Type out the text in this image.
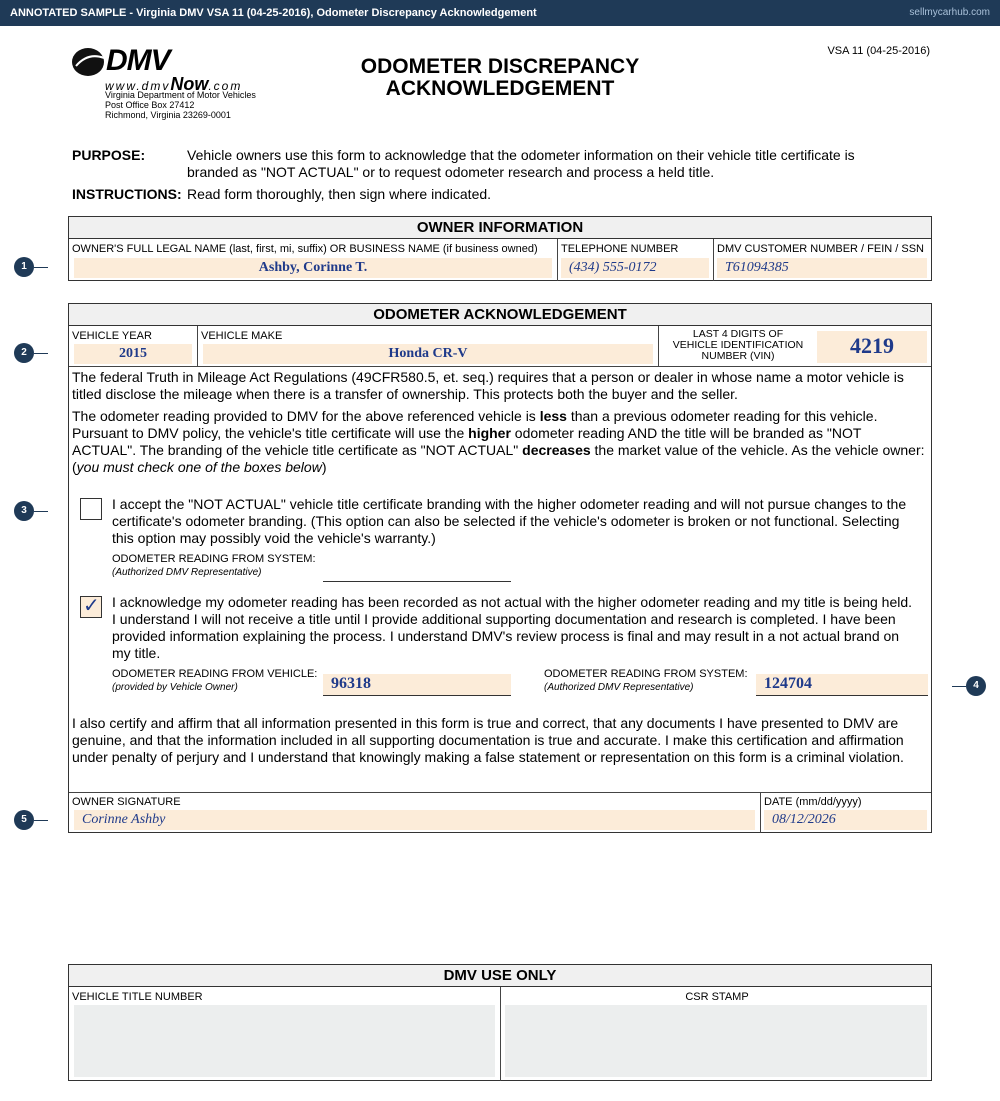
ANNOTATED SAMPLE - Virginia DMV VSA 11 (04-25-2016), Odometer Discrepancy Acknowledgement	sellmycarhub.com
DMV
www.dmvNow.com
Virginia Department of Motor Vehicles
Post Office Box 27412
Richmond, Virginia 23269-0001
VSA 11 (04-25-2016)
ODOMETER DISCREPANCY
ACKNOWLEDGEMENT
PURPOSE:	Vehicle owners use this form to acknowledge that the odometer information on their vehicle title certificate is branded as "NOT ACTUAL" or to request odometer research and process a held title.
INSTRUCTIONS: Read form thoroughly, then sign where indicated.
OWNER INFORMATION
OWNER'S FULL LEGAL NAME (last, first, mi, suffix) OR BUSINESS NAME (if business owned)
Ashby, Corinne T.
TELEPHONE NUMBER
(434) 555-0172
DMV CUSTOMER NUMBER / FEIN / SSN
T61094385
ODOMETER ACKNOWLEDGEMENT
VEHICLE YEAR
2015
VEHICLE MAKE
Honda CR-V
LAST 4 DIGITS OF
VEHICLE IDENTIFICATION
NUMBER (VIN)	4219
The federal Truth in Mileage Act Regulations (49CFR580.5, et. seq.) requires that a person or dealer in whose name a motor vehicle is titled disclose the mileage when there is a transfer of ownership. This protects both the buyer and the seller.
The odometer reading provided to DMV for the above referenced vehicle is less than a previous odometer reading for this vehicle. Pursuant to DMV policy, the vehicle's title certificate will use the higher odometer reading AND the title will be branded as "NOT ACTUAL". The branding of the vehicle title certificate as "NOT ACTUAL" decreases the market value of the vehicle. As the vehicle owner: (you must check one of the boxes below)
I accept the "NOT ACTUAL" vehicle title certificate branding with the higher odometer reading and will not pursue changes to the certificate's odometer branding. (This option can also be selected if the vehicle's odometer is broken or not functional. Selecting this option may possibly void the vehicle's warranty.)
ODOMETER READING FROM SYSTEM:
(Authorized DMV Representative)
✓ I acknowledge my odometer reading has been recorded as not actual with the higher odometer reading and my title is being held. I understand I will not receive a title until I provide additional supporting documentation and research is completed. I have been provided information explaining the process. I understand DMV's review process is final and may result in a not actual brand on my title.
ODOMETER READING FROM VEHICLE:
(provided by Vehicle Owner)	96318
ODOMETER READING FROM SYSTEM:
(Authorized DMV Representative)	124704
I also certify and affirm that all information presented in this form is true and correct, that any documents I have presented to DMV are genuine, and that the information included in all supporting documentation is true and accurate. I make this certification and affirmation under penalty of perjury and I understand that knowingly making a false statement or representation on this form is a criminal violation.
OWNER SIGNATURE
Corinne Ashby
DATE (mm/dd/yyyy)
08/12/2026
DMV USE ONLY
VEHICLE TITLE NUMBER	CSR STAMP
1
2
3
4
5
